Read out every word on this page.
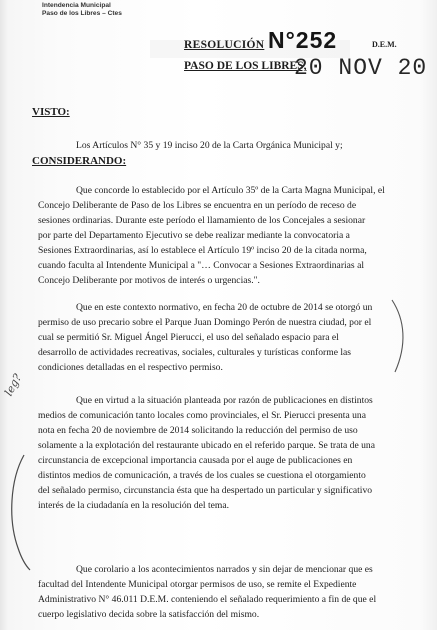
Intendencia Municipal
Paso de los Libres – Ctes
RESOLUCIÓN N°252	D.E.M.
PASO DE LOS LIBRES,
20 NOV 20
VISTO:
Los Artículos N° 35 y 19 inciso 20 de la Carta Orgánica Municipal y;
CONSIDERANDO:
Que concorde lo establecido por el Artículo 35º de la Carta Magna Municipal, el
Concejo Deliberante de Paso de los Libres se encuentra en un período de receso de
sesiones ordinarias. Durante este período el llamamiento de los Concejales a sesionar
por parte del Departamento Ejecutivo se debe realizar mediante la convocatoria a
Sesiones Extraordinarias, así lo establece el Artículo 19º inciso 20 de la citada norma,
cuando faculta al Intendente Municipal a "… Convocar a Sesiones Extraordinarias al
Concejo Deliberante por motivos de interés o urgencias.".
Que en este contexto normativo, en fecha 20 de octubre de 2014 se otorgó un
permiso de uso precario sobre el Parque Juan Domingo Perón de nuestra ciudad, por el
cual se permitió Sr. Miguel Ángel Pierucci, el uso del señalado espacio para el
desarrollo de actividades recreativas, sociales, culturales y turísticas conforme las
condiciones detalladas en el respectivo permiso.
Que en virtud a la situación planteada por razón de publicaciones en distintos
medios de comunicación tanto locales como provinciales, el Sr. Pierucci presenta una
nota en fecha 20 de noviembre de 2014 solicitando la reducción del permiso de uso
solamente a la explotación del restaurante ubicado en el referido parque. Se trata de una
circunstancia de excepcional importancia causada por el auge de publicaciones en
distintos medios de comunicación, a través de los cuales se cuestiona el otorgamiento
del señalado permiso, circunstancia ésta que ha despertado un particular y significativo
interés de la ciudadanía en la resolución del tema.
Que corolario a los acontecimientos narrados y sin dejar de mencionar que es
facultad del Intendente Municipal otorgar permisos de uso, se remite el Expediente
Administrativo N° 46.011 D.E.M. conteniendo el señalado requerimiento a fin de que el
cuerpo legislativo decida sobre la satisfacción del mismo.
leg?
